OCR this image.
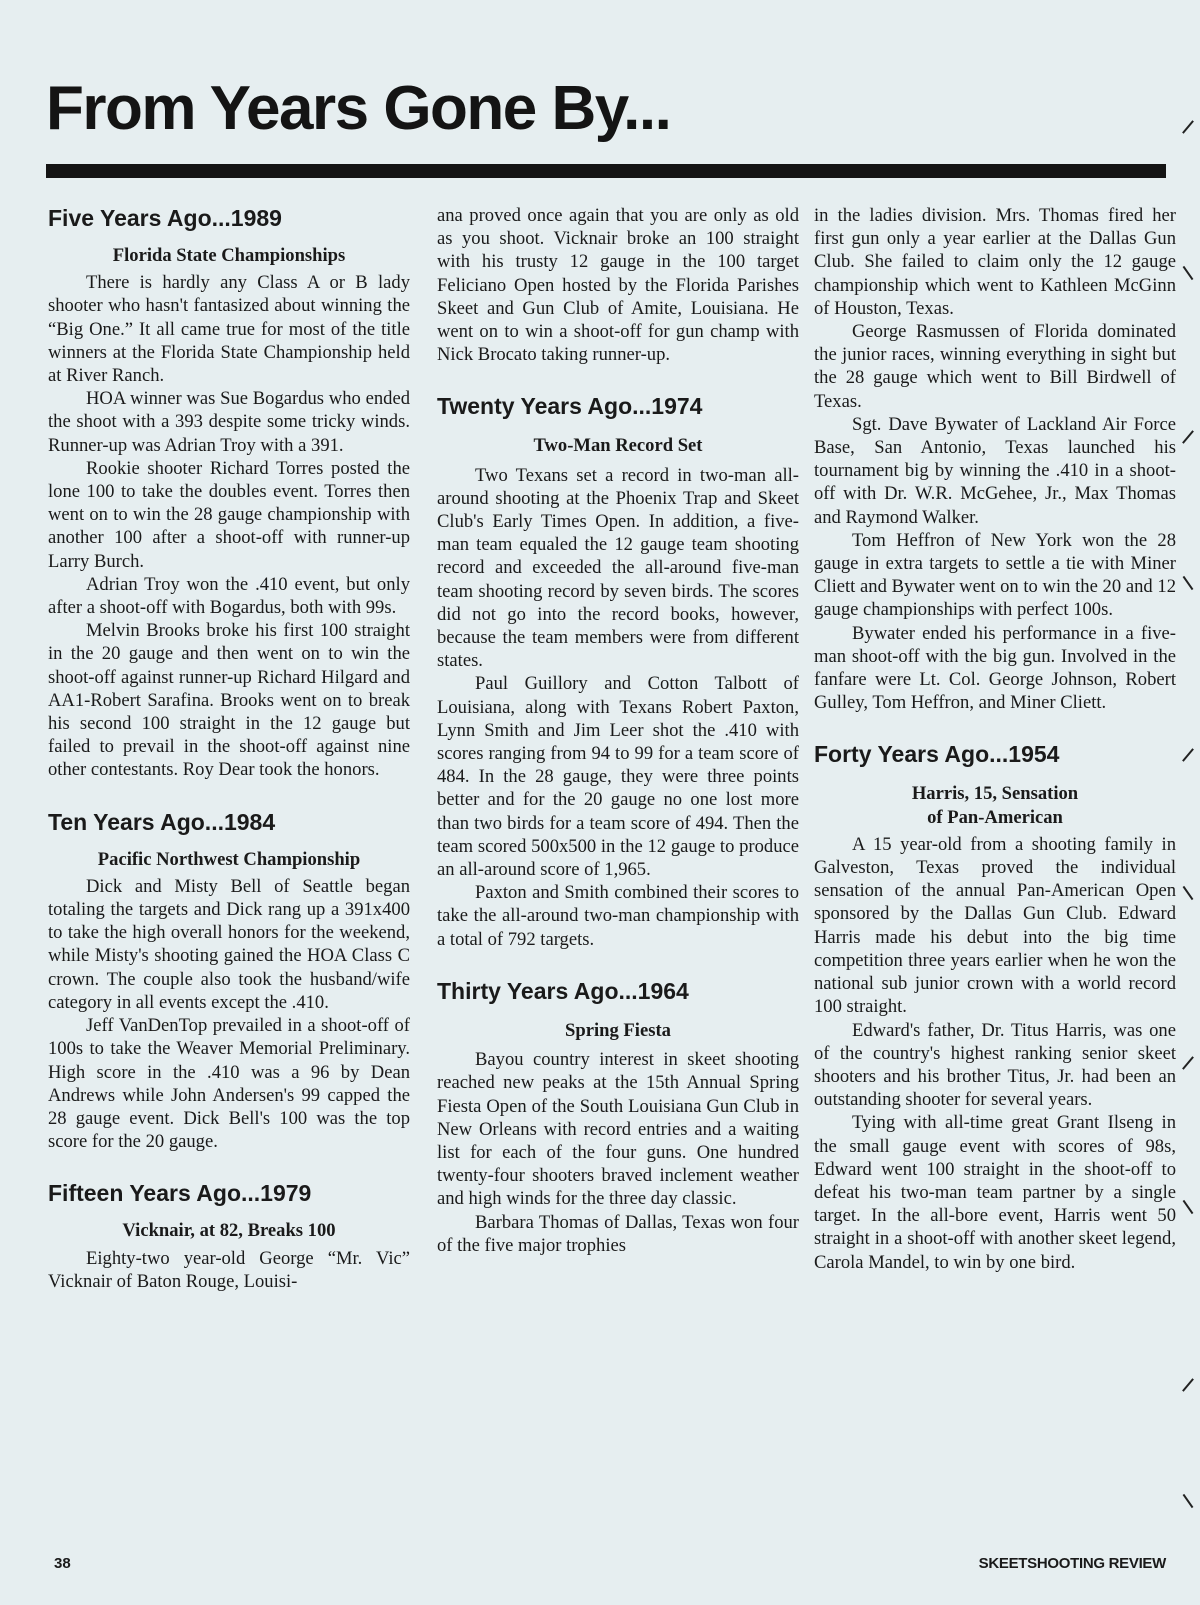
From Years Gone By...
Five Years Ago...1989
Florida State Championships

There is hardly any Class A or B lady shooter who hasn't fantasized about winning the “Big One.” It all came true for most of the title winners at the Florida State Championship held at River Ranch.

HOA winner was Sue Bogardus who ended the shoot with a 393 despite some tricky winds. Runner-up was Adrian Troy with a 391.

Rookie shooter Richard Torres posted the lone 100 to take the doubles event. Torres then went on to win the 28 gauge championship with another 100 after a shoot-off with runner-up Larry Burch.

Adrian Troy won the .410 event, but only after a shoot-off with Bogardus, both with 99s.

Melvin Brooks broke his first 100 straight in the 20 gauge and then went on to win the shoot-off against runner-up Richard Hilgard and AA1-Robert Sarafina. Brooks went on to break his second 100 straight in the 12 gauge but failed to prevail in the shoot-off against nine other contestants. Roy Dear took the honors.

Ten Years Ago...1984
Pacific Northwest Championship

Dick and Misty Bell of Seattle began totaling the targets and Dick rang up a 391x400 to take the high overall honors for the weekend, while Misty's shooting gained the HOA Class C crown. The couple also took the husband/wife category in all events except the .410.

Jeff VanDenTop prevailed in a shoot-off of 100s to take the Weaver Memorial Preliminary. High score in the .410 was a 96 by Dean Andrews while John Andersen's 99 capped the 28 gauge event. Dick Bell's 100 was the top score for the 20 gauge.

Fifteen Years Ago...1979
Vicknair, at 82, Breaks 100

Eighty-two year-old George “Mr. Vic” Vicknair of Baton Rouge, Louisi-

ana proved once again that you are only as old as you shoot. Vicknair broke an 100 straight with his trusty 12 gauge in the 100 target Feliciano Open hosted by the Florida Parishes Skeet and Gun Club of Amite, Louisiana. He went on to win a shoot-off for gun champ with Nick Brocato taking runner-up.

Twenty Years Ago...1974
Two-Man Record Set

Two Texans set a record in two-man all-around shooting at the Phoenix Trap and Skeet Club's Early Times Open. In addition, a five-man team equaled the 12 gauge team shooting record and exceeded the all-around five-man team shooting record by seven birds. The scores did not go into the record books, however, because the team members were from different states.

Paul Guillory and Cotton Talbott of Louisiana, along with Texans Robert Paxton, Lynn Smith and Jim Leer shot the .410 with scores ranging from 94 to 99 for a team score of 484. In the 28 gauge, they were three points better and for the 20 gauge no one lost more than two birds for a team score of 494. Then the team scored 500x500 in the 12 gauge to produce an all-around score of 1,965.

Paxton and Smith combined their scores to take the all-around two-man championship with a total of 792 targets.

Thirty Years Ago...1964
Spring Fiesta

Bayou country interest in skeet shooting reached new peaks at the 15th Annual Spring Fiesta Open of the South Louisiana Gun Club in New Orleans with record entries and a waiting list for each of the four guns. One hundred twenty-four shooters braved inclement weather and high winds for the three day classic.

Barbara Thomas of Dallas, Texas won four of the five major trophies

in the ladies division. Mrs. Thomas fired her first gun only a year earlier at the Dallas Gun Club. She failed to claim only the 12 gauge championship which went to Kathleen McGinn of Houston, Texas.

George Rasmussen of Florida dominated the junior races, winning everything in sight but the 28 gauge which went to Bill Birdwell of Texas.

Sgt. Dave Bywater of Lackland Air Force Base, San Antonio, Texas launched his tournament big by winning the .410 in a shoot-off with Dr. W.R. McGehee, Jr., Max Thomas and Raymond Walker.

Tom Heffron of New York won the 28 gauge in extra targets to settle a tie with Miner Cliett and Bywater went on to win the 20 and 12 gauge championships with perfect 100s.

Bywater ended his performance in a five-man shoot-off with the big gun. Involved in the fanfare were Lt. Col. George Johnson, Robert Gulley, Tom Heffron, and Miner Cliett.

Forty Years Ago...1954
Harris, 15, Sensation
of Pan-American

A 15 year-old from a shooting family in Galveston, Texas proved the individual sensation of the annual Pan-American Open sponsored by the Dallas Gun Club. Edward Harris made his debut into the big time competition three years earlier when he won the national sub junior crown with a world record 100 straight.

Edward's father, Dr. Titus Harris, was one of the country's highest ranking senior skeet shooters and his brother Titus, Jr. had been an outstanding shooter for several years.

Tying with all-time great Grant Ilseng in the small gauge event with scores of 98s, Edward went 100 straight in the shoot-off to defeat his two-man team partner by a single target. In the all-bore event, Harris went 50 straight in a shoot-off with another skeet legend, Carola Mandel, to win by one bird.

38	SKEETSHOOTING REVIEW
